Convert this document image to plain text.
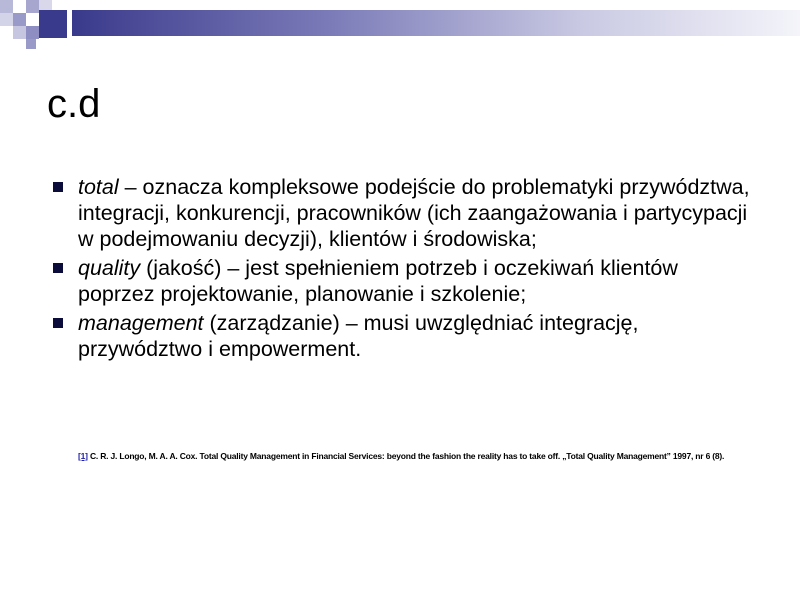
c.d
total – oznacza kompleksowe podejście do problematyki przywództwa, integracji, konkurencji, pracowników (ich zaangażowania i partycypacji w podejmowaniu decyzji), klientów i środowiska;
quality (jakość) – jest spełnieniem potrzeb i oczekiwań klientów poprzez projektowanie, planowanie i szkolenie;
management (zarządzanie) – musi uwzględniać integrację, przywództwo i empowerment.
[1] C. R. J. Longo, M. A. A. Cox. Total Quality Management in Financial Services: beyond the fashion the reality has to take off. „Total Quality Management” 1997, nr 6 (8).
